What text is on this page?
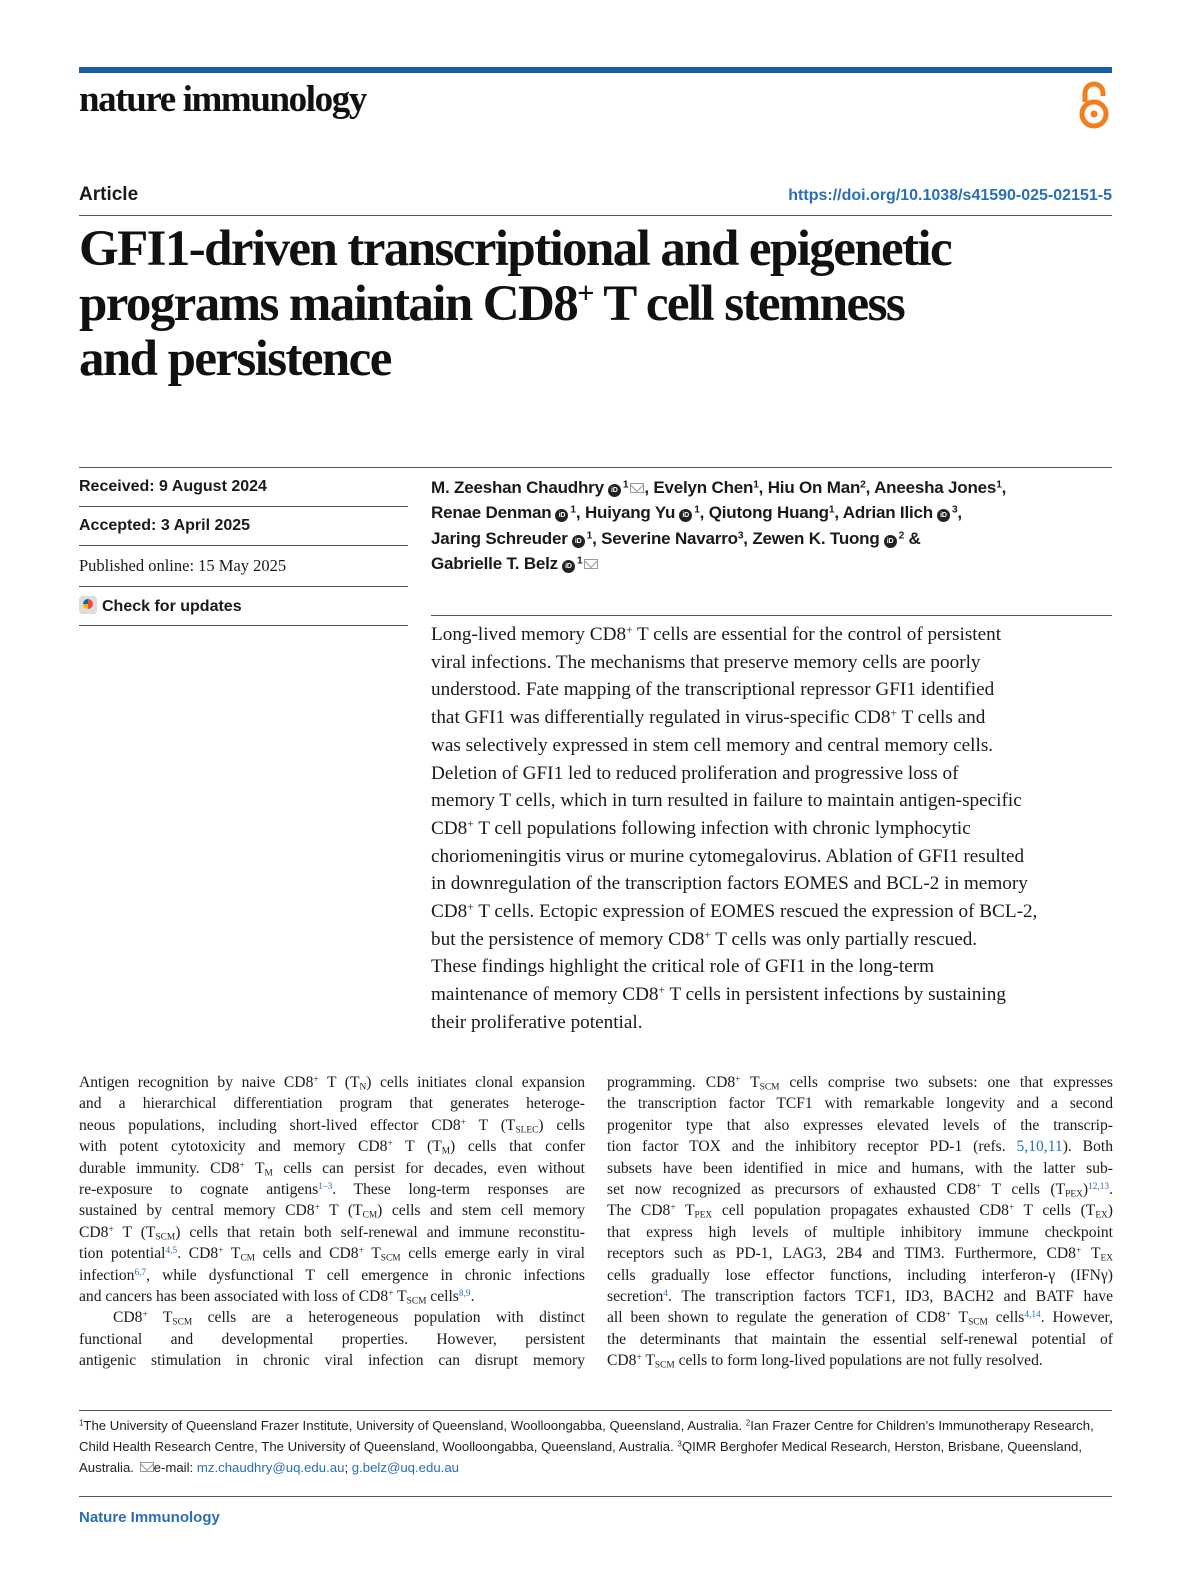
nature immunology
Article	https://doi.org/10.1038/s41590-025-02151-5
GFI1-driven transcriptional and epigenetic
programs maintain CD8+ T cell stemness
and persistence
Received: 9 August 2024
Accepted: 3 April 2025
Published online: 15 May 2025
Check for updates
M. Zeeshan Chaudhry $iD^1$ , Evelyn Chen$^1$, Hiu On Man$^2$, Aneesha Jones$^1$,
Renae Denman $iD^1$, Huiyang Yu $iD^1$, Qiutong Huang$^1$, Adrian Ilich $iD^3$,
Jaring Schreuder $iD^1$, Severine Navarro$^3$, Zewen K. Tuong $iD^2$ &
Gabrielle T. Belz $iD^1$
Long-lived memory CD8+ T cells are essential for the control of persistent
viral infections. The mechanisms that preserve memory cells are poorly
understood. Fate mapping of the transcriptional repressor GFI1 identified
that GFI1 was differentially regulated in virus-specific CD8+ T cells and
was selectively expressed in stem cell memory and central memory cells.
Deletion of GFI1 led to reduced proliferation and progressive loss of
memory T cells, which in turn resulted in failure to maintain antigen-specific
CD8+ T cell populations following infection with chronic lymphocytic
choriomeningitis virus or murine cytomegalovirus. Ablation of GFI1 resulted
in downregulation of the transcription factors EOMES and BCL-2 in memory
CD8+ T cells. Ectopic expression of EOMES rescued the expression of BCL-2,
but the persistence of memory CD8+ T cells was only partially rescued.
These findings highlight the critical role of GFI1 in the long-term
maintenance of memory CD8+ T cells in persistent infections by sustaining
their proliferative potential.
Antigen recognition by naive CD8+ T $(T_N)$ cells initiates clonal expansion
and a hierarchical differentiation program that generates heteroge-
neous populations, including short-lived effector CD8+ T $(T_{SLEC})$ cells
with potent cytotoxicity and memory CD8+ T $(T_M)$ cells that confer
durable immunity. CD8+ $T_M$ cells can persist for decades, even without
re-exposure to cognate antigens$^{1-3}$. These long-term responses are
sustained by central memory CD8+ T $(T_{CM})$ cells and stem cell memory
CD8+ T $(T_{SCM})$ cells that retain both self-renewal and immune reconstitu-
tion potential$^{4,5}$. CD8+ $T_{CM}$ cells and CD8+ $T_{SCM}$ cells emerge early in viral
infection$^{6,7}$, while dysfunctional T cell emergence in chronic infections
and cancers has been associated with loss of CD8+ $T_{SCM}$ cells$^{8,9}$.
CD8+ $T_{SCM}$ cells are a heterogeneous population with distinct
functional and developmental properties. However, persistent
antigenic stimulation in chronic viral infection can disrupt memory
programming. CD8+ $T_{SCM}$ cells comprise two subsets: one that expresses
the transcription factor TCF1 with remarkable longevity and a second
progenitor type that also expresses elevated levels of the transcrip-
tion factor TOX and the inhibitory receptor PD-1 (refs. 5,10,11). Both
subsets have been identified in mice and humans, with the latter sub-
set now recognized as precursors of exhausted CD8+ T cells $(T_{PEX})^{12,13}$.
The CD8+ $T_{PEX}$ cell population propagates exhausted CD8+ T cells $(T_{EX})$
that express high levels of multiple inhibitory immune checkpoint
receptors such as PD-1, LAG3, 2B4 and TIM3. Furthermore, CD8+ $T_{EX}$
cells gradually lose effector functions, including interferon-γ (IFNγ)
secretion$^4$. The transcription factors TCF1, ID3, BACH2 and BATF have
all been shown to regulate the generation of CD8+ $T_{SCM}$ cells$^{4,14}$. However,
the determinants that maintain the essential self-renewal potential of
CD8+ $T_{SCM}$ cells to form long-lived populations are not fully resolved.
$^1$The University of Queensland Frazer Institute, University of Queensland, Woolloongabba, Queensland, Australia. $^2$Ian Frazer Centre for Children’s Immunotherapy Research, Child Health Research Centre, The University of Queensland, Woolloongabba, Queensland, Australia. $^3$QIMR Berghofer Medical Research, Herston, Brisbane, Queensland, Australia. e-mail: mz.chaudhry@uq.edu.au; g.belz@uq.edu.au
Nature Immunology
